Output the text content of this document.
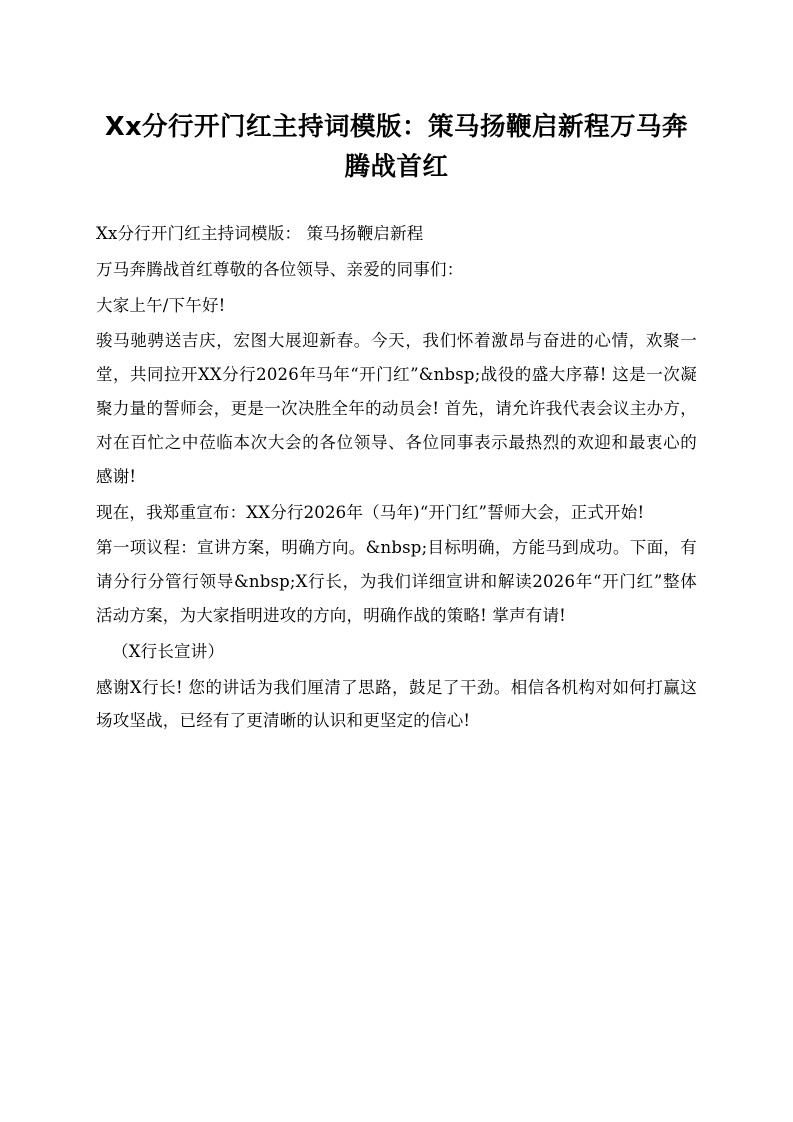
Xx分行开门红主持词模版：策马扬鞭启新程万马奔腾战首红

Xx分行开门红主持词模版： 策马扬鞭启新程

万马奔腾战首红尊敬的各位领导、亲爱的同事们：

大家上午/下午好!

骏马驰骋送吉庆，宏图大展迎新春。今天，我们怀着激昂与奋进的心情，欢聚一堂，共同拉开XX分行2026年马年“开门红”&nbsp;战役的盛大序幕! 这是一次凝聚力量的誓师会，更是一次决胜全年的动员会! 首先，请允许我代表会议主办方，对在百忙之中莅临本次大会的各位领导、各位同事表示最热烈的欢迎和最衷心的感谢!

现在，我郑重宣布：XX分行2026年（马年)“开门红”誓师大会，正式开始!

第一项议程：宣讲方案，明确方向。&nbsp;目标明确，方能马到成功。下面，有请分行分管行领导&nbsp;X行长，为我们详细宣讲和解读2026年“开门红”整体活动方案，为大家指明进攻的方向，明确作战的策略! 掌声有请!

（X行长宣讲）

感谢X行长! 您的讲话为我们厘清了思路，鼓足了干劲。相信各机构对如何打赢这场攻坚战，已经有了更清晰的认识和更坚定的信心!
